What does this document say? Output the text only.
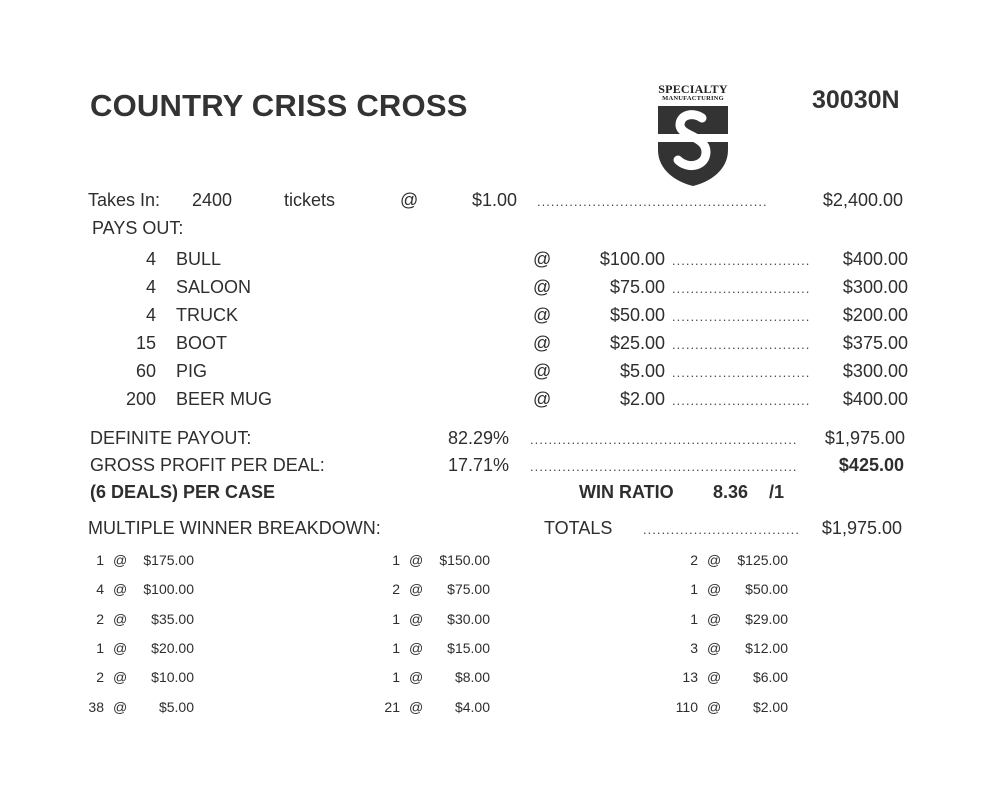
COUNTRY CRISS CROSS	30030N
SPECIALTY
MANUFACTURING
Takes In: 2400	tickets	@	$1.00 ..................................................	$2,400.00
PAYS OUT:
4 BULL	@	$100.00 ..............................	$400.00
4 SALOON	@	$75.00 ..............................	$300.00
4 TRUCK	@	$50.00 ..............................	$200.00
15 BOOT	@	$25.00 ..............................	$375.00
60 PIG	@	$5.00 ..............................	$300.00
200 BEER MUG	@	$2.00 ..............................	$400.00
DEFINITE PAYOUT:	82.29% ..........................................................	$1,975.00
GROSS PROFIT PER DEAL:	17.71% ..........................................................	$425.00
(6 DEALS) PER CASE	WIN RATIO 8.36 /1
MULTIPLE WINNER BREAKDOWN:	TOTALS ..................................	$1,975.00
1 @	$175.00
4 @	$100.00
2 @	$35.00
1 @	$20.00
2 @	$10.00
38 @	$5.00
1 @	$150.00
2 @	$75.00
1 @	$30.00
1 @	$15.00
1 @	$8.00
21 @	$4.00
2 @	$125.00
1 @	$50.00
1 @	$29.00
3 @	$12.00
13 @	$6.00
110 @	$2.00
